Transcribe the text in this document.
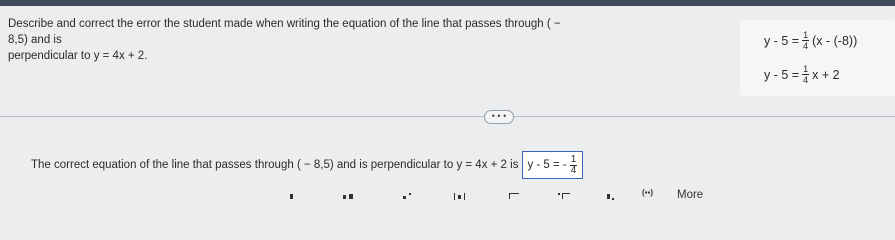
Describe and correct the error the student made when writing the equation of the line that passes through ( − 8,5) and is
perpendicular to y = 4x + 2.
$y - 5 = \frac{1}{4} (x - (-8))$
$y - 5 = \frac{1}{4}$ x + 2
• • •
The correct equation of the line that passes through ( − 8,5) and is perpendicular to y = 4x + 2 is y - 5 = - $\frac{1}{4}$
(▪▪)	More
